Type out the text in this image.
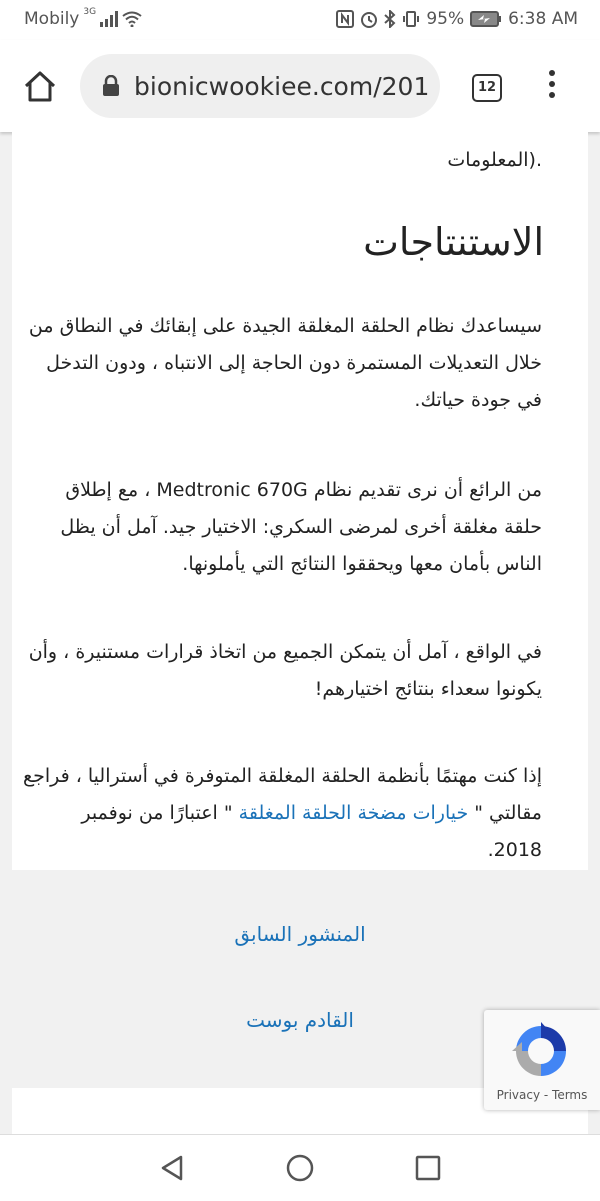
Mobily 3G	95%	6:38 AM
bionicwookiee.com/201	12
.(المعلومات
الاستنتاجات
سيساعدك نظام الحلقة المغلقة الجيدة على إبقائك في النطاق من خلال التعديلات المستمرة دون الحاجة إلى الانتباه ، ودون التدخل في جودة حياتك.
من الرائع أن نرى تقديم نظام Medtronic 670G ، مع إطلاق حلقة مغلقة أخرى لمرضى السكري: الاختيار جيد. آمل أن يظل الناس بأمان معها ويحققوا النتائج التي يأملونها.
في الواقع ، آمل أن يتمكن الجميع من اتخاذ قرارات مستنيرة ، وأن يكونوا سعداء بنتائج اختيارهم!
إذا كنت مهتمًا بأنظمة الحلقة المغلقة المتوفرة في أستراليا ، فراجع مقالتي " خيارات مضخة الحلقة المغلقة " اعتبارًا من نوفمبر 2018.
المنشور السابق
القادم بوست
Privacy - Terms
